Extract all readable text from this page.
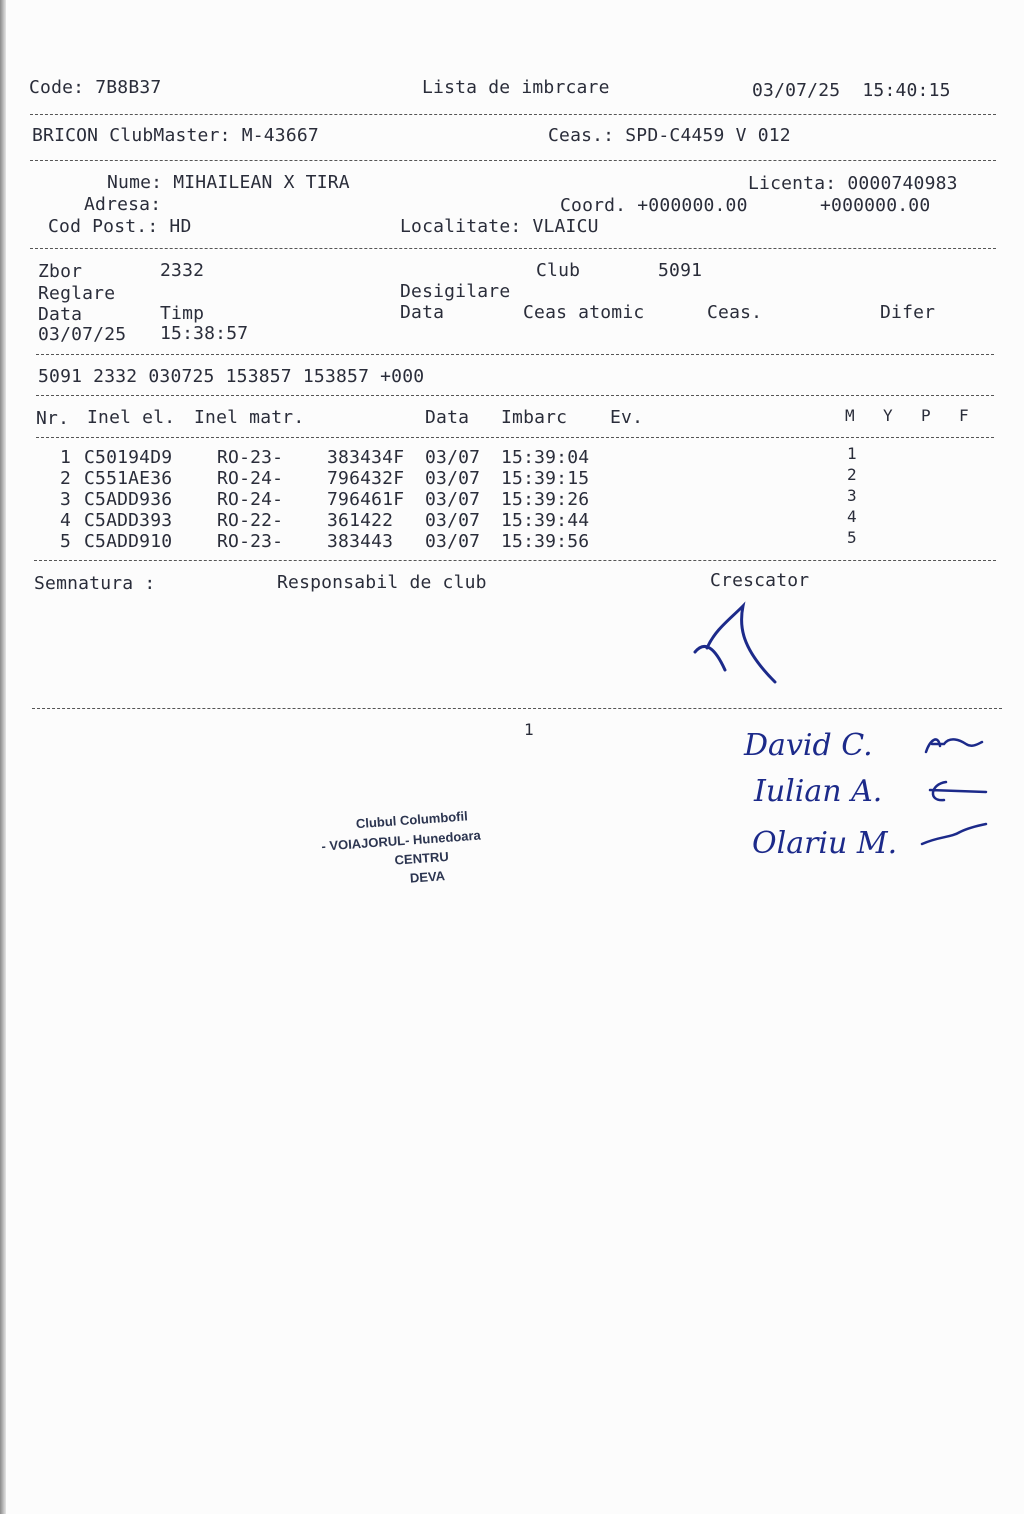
Code: 7B8B37	Lista de imbrcare	03/07/25  15:40:15
BRICON ClubMaster: M-43667	Ceas.: SPD-C4459 V 012
Nume: MIHAILEAN X TIRA	Licenta: 0000740983
Adresa:	Coord. +000000.00	+000000.00
Cod Post.: HD	Localitate: VLAICU
Zbor	2332	Club	5091
Reglare	Desigilare
Data	Timp	Data	Ceas atomic	Ceas.	Difer
03/07/25 15:38:57
5091 2332 030725 153857 153857 +000
Nr. Inel el. Inel matr.	Data Imbarc Ev.	M Y P F
1 C50194D9 RO-23- 383434F 03/07 15:39:04	1
2 C551AE36 RO-24- 796432F 03/07 15:39:15	2
3 C5ADD936 RO-24- 796461F 03/07 15:39:26	3
4 C5ADD393 RO-22- 361422 03/07 15:39:44	4
5 C5ADD910 RO-23- 383443 03/07 15:39:56	5
Semnatura :	Responsabil de club	Crescator
1
Clubul Columbofil
- VOIAJORUL- Hunedoara
CENTRU
DEVA
David C.
Iulian A.
Olariu M.
